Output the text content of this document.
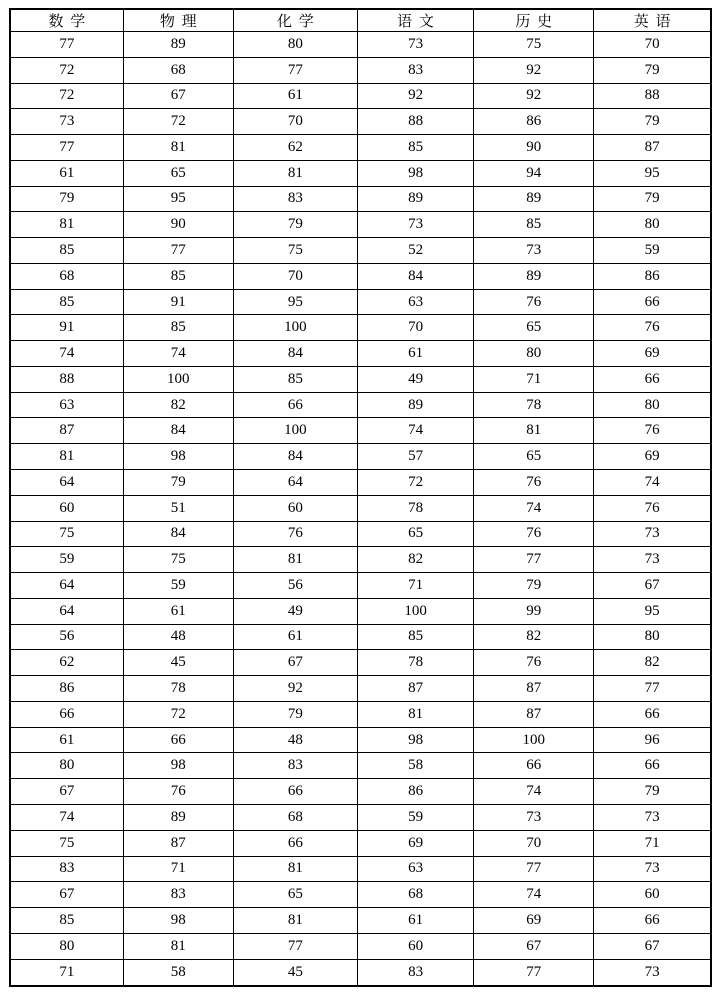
数学	物理	化学	语文	历史	英语
77	89	80	73	75	70
72	68	77	83	92	79
72	67	61	92	92	88
73	72	70	88	86	79
77	81	62	85	90	87
61	65	81	98	94	95
79	95	83	89	89	79
81	90	79	73	85	80
85	77	75	52	73	59
68	85	70	84	89	86
85	91	95	63	76	66
91	85	100	70	65	76
74	74	84	61	80	69
88	100	85	49	71	66
63	82	66	89	78	80
87	84	100	74	81	76
81	98	84	57	65	69
64	79	64	72	76	74
60	51	60	78	74	76
75	84	76	65	76	73
59	75	81	82	77	73
64	59	56	71	79	67
64	61	49	100	99	95
56	48	61	85	82	80
62	45	67	78	76	82
86	78	92	87	87	77
66	72	79	81	87	66
61	66	48	98	100	96
80	98	83	58	66	66
67	76	66	86	74	79
74	89	68	59	73	73
75	87	66	69	70	71
83	71	81	63	77	73
67	83	65	68	74	60
85	98	81	61	69	66
80	81	77	60	67	67
71	58	45	83	77	73
